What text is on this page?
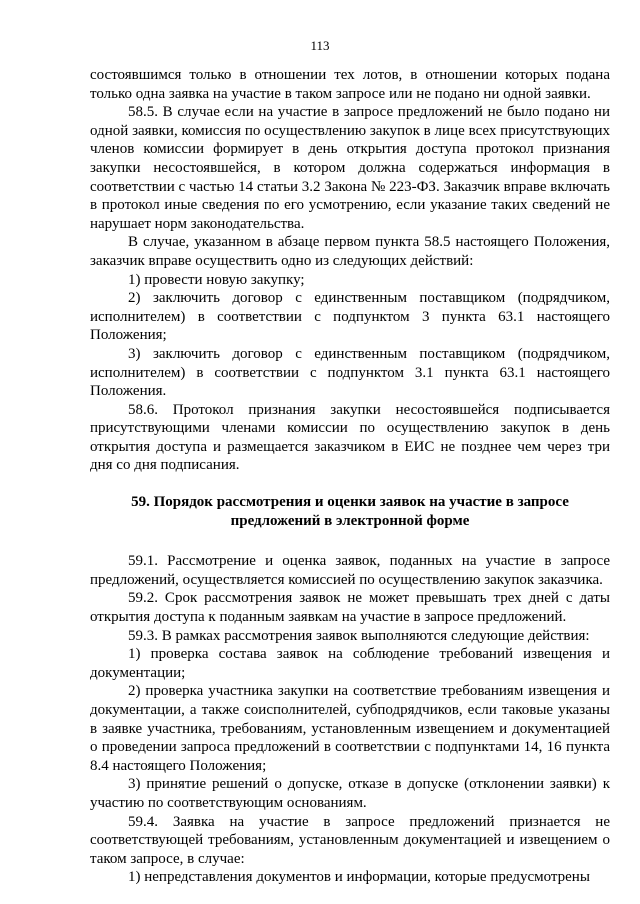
113

состоявшимся только в отношении тех лотов, в отношении которых подана только одна заявка на участие в таком запросе или не подано ни одной заявки.

58.5. В случае если на участие в запросе предложений не было подано ни одной заявки, комиссия по осуществлению закупок в лице всех присутствующих членов комиссии формирует в день открытия доступа протокол признания закупки несостоявшейся, в котором должна содержаться информация в соответствии с частью 14 статьи 3.2 Закона № 223-ФЗ. Заказчик вправе включать в протокол иные сведения по его усмотрению, если указание таких сведений не нарушает норм законодательства.

В случае, указанном в абзаце первом пункта 58.5 настоящего Положения, заказчик вправе осуществить одно из следующих действий:

1) провести новую закупку;

2) заключить договор с единственным поставщиком (подрядчиком, исполнителем) в соответствии с подпунктом 3 пункта 63.1 настоящего Положения;

3) заключить договор с единственным поставщиком (подрядчиком, исполнителем) в соответствии с подпунктом 3.1 пункта 63.1 настоящего Положения.

58.6. Протокол признания закупки несостоявшейся подписывается присутствующими членами комиссии по осуществлению закупок в день открытия доступа и размещается заказчиком в ЕИС не позднее чем через три дня со дня подписания.

59. Порядок рассмотрения и оценки заявок на участие в запросе предложений в электронной форме

59.1. Рассмотрение и оценка заявок, поданных на участие в запросе предложений, осуществляется комиссией по осуществлению закупок заказчика.

59.2. Срок рассмотрения заявок не может превышать трех дней с даты открытия доступа к поданным заявкам на участие в запросе предложений.

59.3. В рамках рассмотрения заявок выполняются следующие действия:

1) проверка состава заявок на соблюдение требований извещения и документации;

2) проверка участника закупки на соответствие требованиям извещения и документации, а также соисполнителей, субподрядчиков, если таковые указаны в заявке участника, требованиям, установленным извещением и документацией о проведении запроса предложений в соответствии с подпунктами 14, 16 пункта 8.4 настоящего Положения;

3) принятие решений о допуске, отказе в допуске (отклонении заявки) к участию по соответствующим основаниям.

59.4. Заявка на участие в запросе предложений признается не соответствующей требованиям, установленным документацией и извещением о таком запросе, в случае:

1) непредставления документов и информации, которые предусмотрены
